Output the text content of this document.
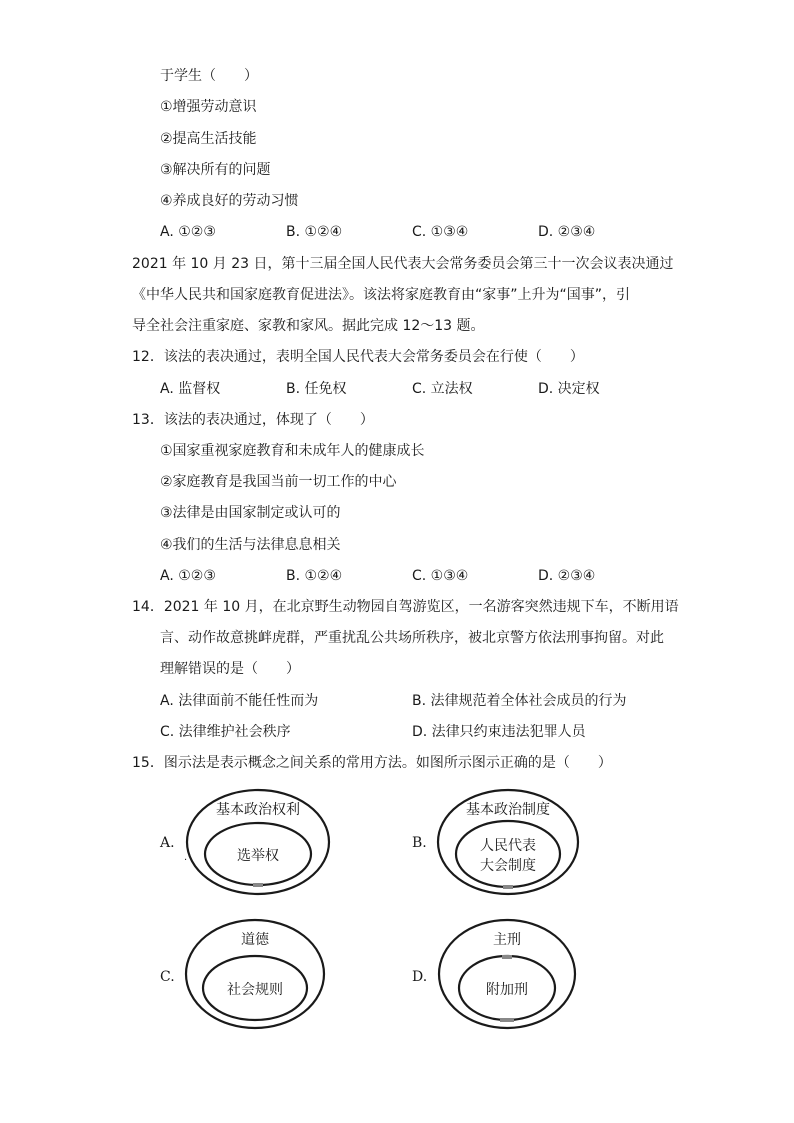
于学生（　　）
①增强劳动意识
②提高生活技能
③解决所有的问题
④养成良好的劳动习惯
A. ①②③	B. ①②④	C. ①③④	D. ②③④
2021 年 10 月 23 日，第十三届全国人民代表大会常务委员会第三十一次会议表决通过
《中华人民共和国家庭教育促进法》。该法将家庭教育由“家事”上升为“国事”，引
导全社会注重家庭、家教和家风。据此完成 12～13 题。
12．该法的表决通过，表明全国人民代表大会常务委员会在行使（　　）
A. 监督权	B. 任免权	C. 立法权	D. 决定权
13．该法的表决通过，体现了（　　）
①国家重视家庭教育和未成年人的健康成长
②家庭教育是我国当前一切工作的中心
③法律是由国家制定或认可的
④我们的生活与法律息息相关
A. ①②③	B. ①②④	C. ①③④	D. ②③④
14．2021 年 10 月，在北京野生动物园自驾游览区，一名游客突然违规下车，不断用语
言、动作故意挑衅虎群，严重扰乱公共场所秩序，被北京警方依法刑事拘留。对此
理解错误的是（　　）
A. 法律面前不能任性而为	B. 法律规范着全体社会成员的行为
C. 法律维护社会秩序	D. 法律只约束违法犯罪人员
15．图示法是表示概念之间关系的常用方法。如图所示图示正确的是（　　）
A.
.
基本政治权利
选举权
B.
基本政治制度
人民代表
大会制度
C.
道德
社会规则
D.
主刑
附加刑
